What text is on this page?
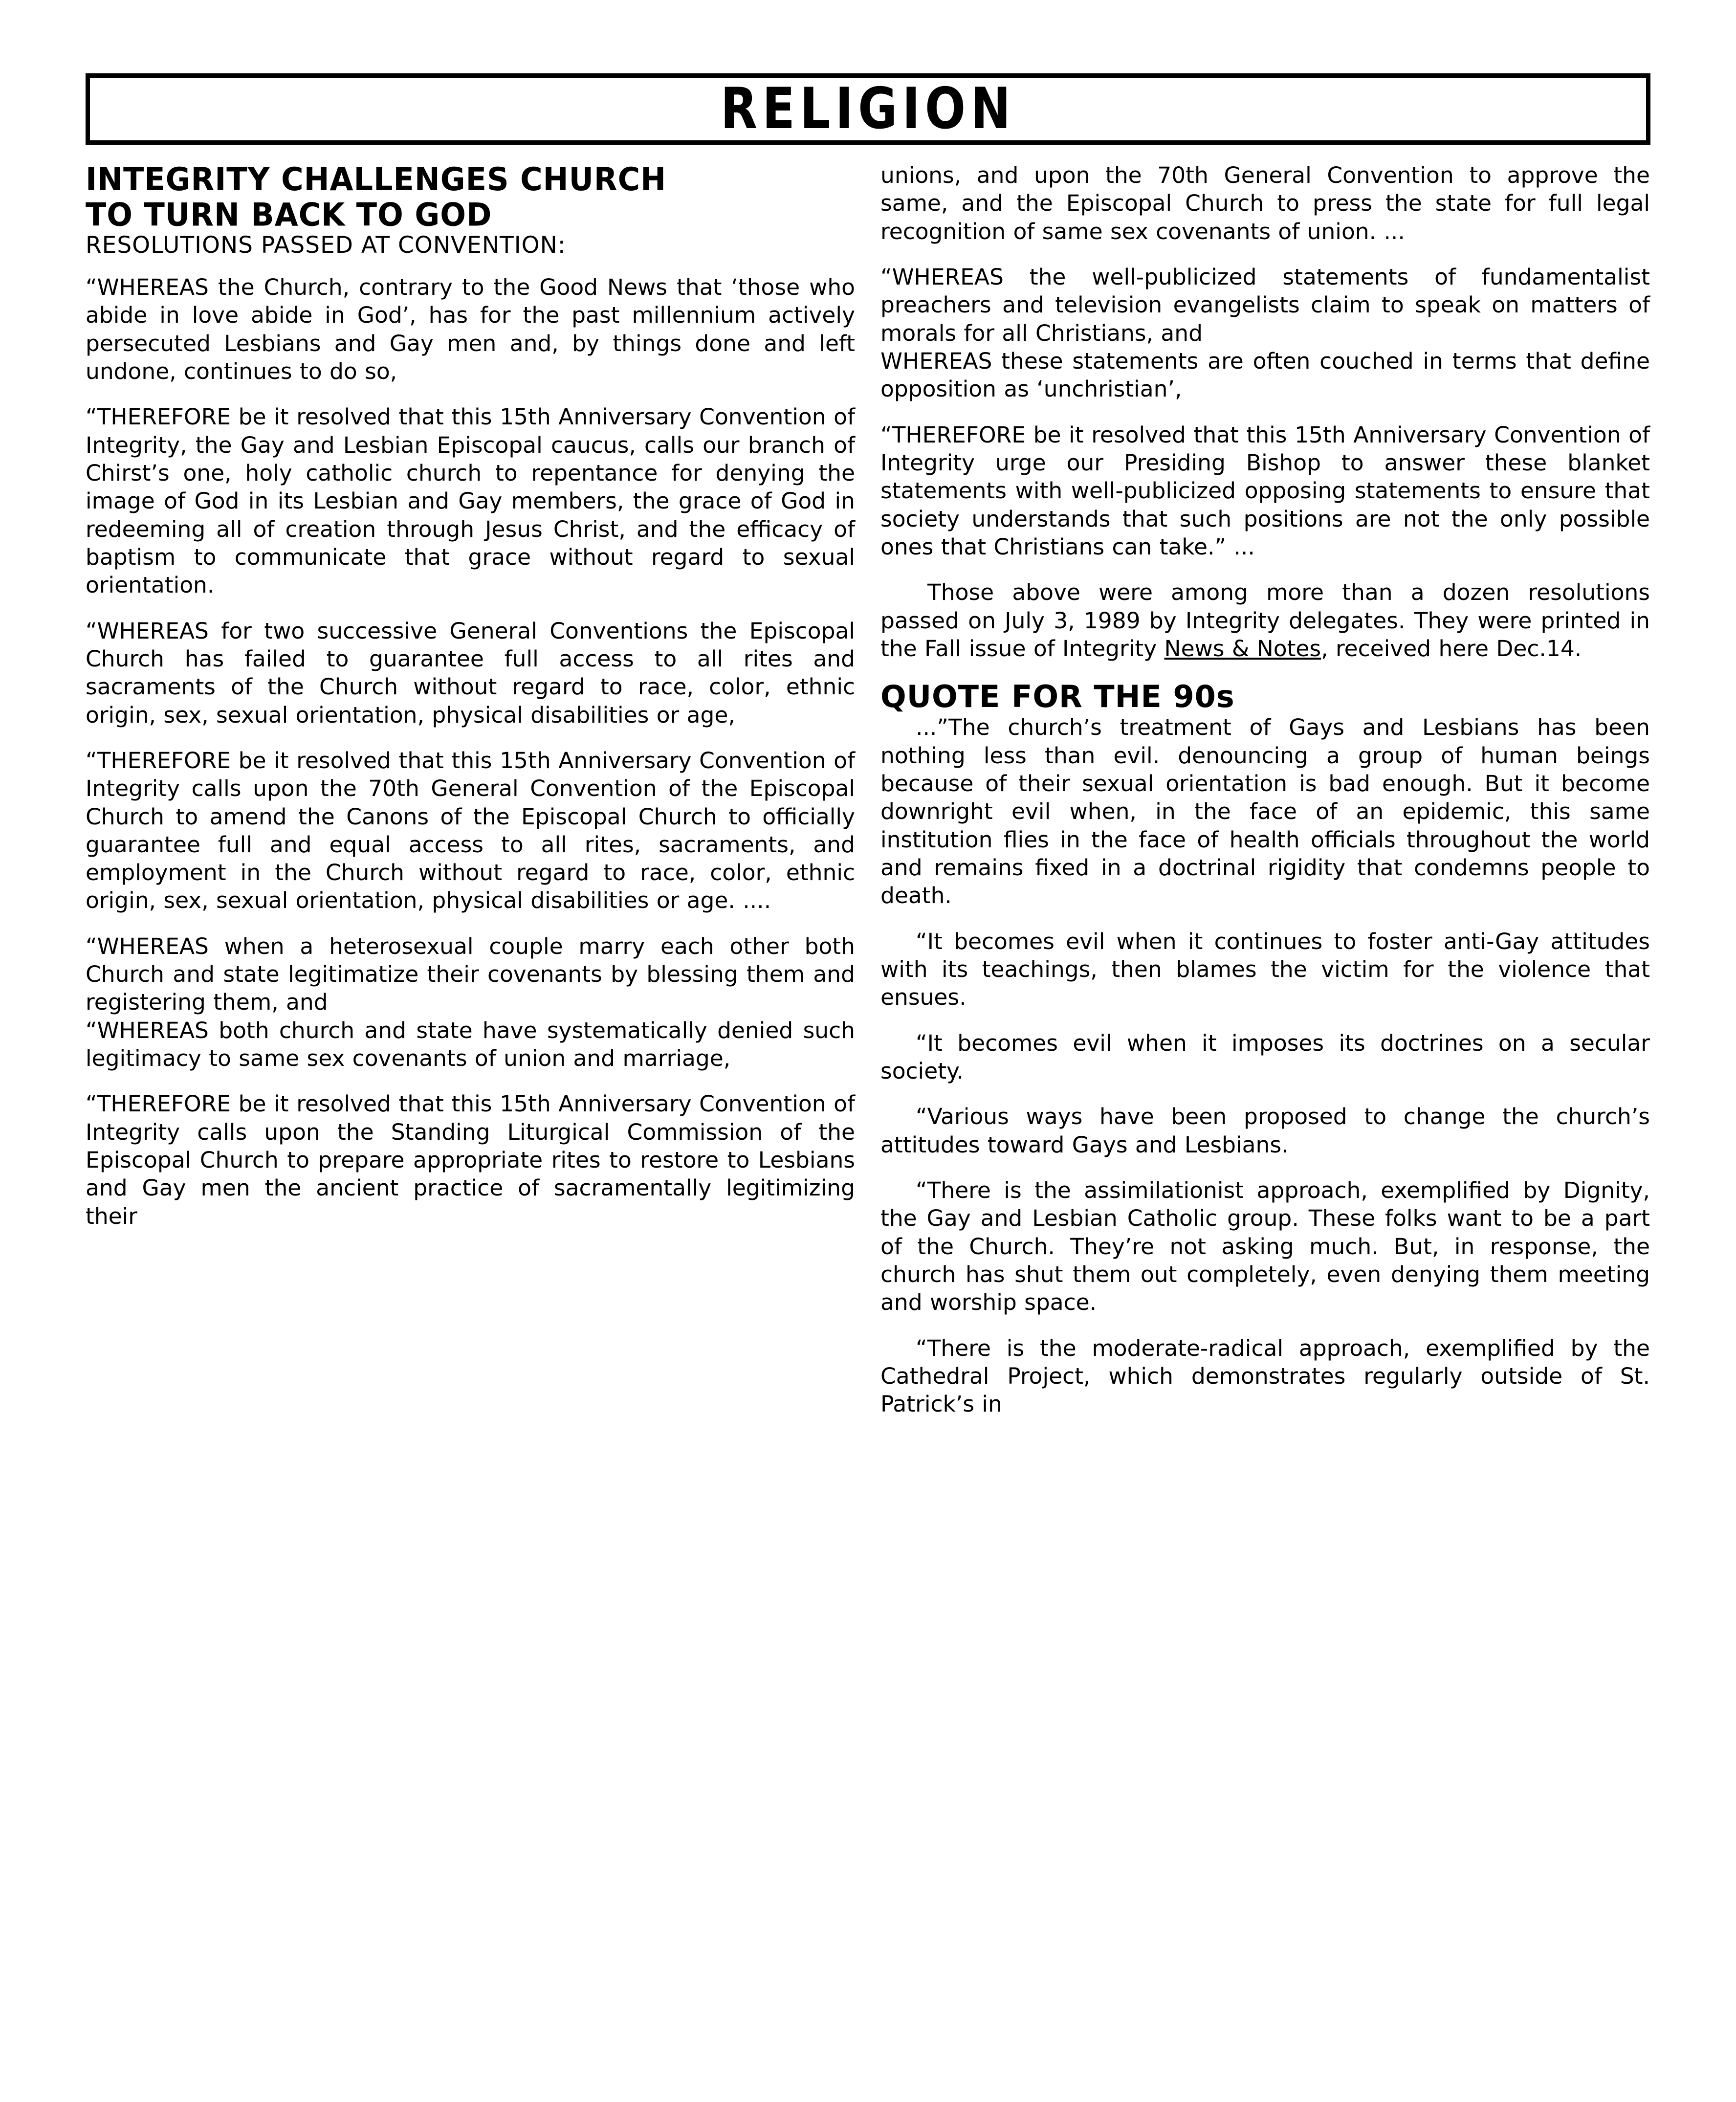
RELIGION
INTEGRITY CHALLENGES CHURCH
TO TURN BACK TO GOD
RESOLUTIONS PASSED AT CONVENTION:

“WHEREAS the Church, contrary to the Good News that ‘those who abide in love abide in God’, has for the past millennium actively persecuted Lesbians and Gay men and, by things done and left undone, continues to do so,

“THEREFORE be it resolved that this 15th Anniversary Convention of Integrity, the Gay and Lesbian Episcopal caucus, calls our branch of Chirst’s one, holy catholic church to repentance for denying the image of God in its Lesbian and Gay members, the grace of God in redeeming all of creation through Jesus Christ, and the efficacy of baptism to communicate that grace without regard to sexual orientation.

“WHEREAS for two successive General Conventions the Episcopal Church has failed to guarantee full access to all rites and sacraments of the Church without regard to race, color, ethnic origin, sex, sexual orientation, physical disabilities or age,

“THEREFORE be it resolved that this 15th Anniversary Convention of Integrity calls upon the 70th General Convention of the Episcopal Church to amend the Canons of the Episcopal Church to officially guarantee full and equal access to all rites, sacraments, and employment in the Church without regard to race, color, ethnic origin, sex, sexual orientation, physical disabilities or age. ....

“WHEREAS when a heterosexual couple marry each other both Church and state legitimatize their covenants by blessing them and registering them, and

“WHEREAS both church and state have systematically denied such legitimacy to same sex covenants of union and marriage,

“THEREFORE be it resolved that this 15th Anniversary Convention of Integrity calls upon the Standing Liturgical Commission of the Episcopal Church to prepare appropriate rites to restore to Lesbians and Gay men the ancient practice of sacramentally legitimizing their

unions, and upon the 70th General Convention to approve the same, and the Episcopal Church to press the state for full legal recognition of same sex covenants of union. ...

“WHEREAS the well-publicized statements of fundamentalist preachers and television evangelists claim to speak on matters of morals for all Christians, and

WHEREAS these statements are often couched in terms that define opposition as ‘unchristian’,

“THEREFORE be it resolved that this 15th Anniversary Convention of Integrity urge our Presiding Bishop to answer these blanket statements with well-publicized opposing statements to ensure that society understands that such positions are not the only possible ones that Christians can take.” ...

Those above were among more than a dozen resolutions passed on July 3, 1989 by Integrity delegates. They were printed in the Fall issue of Integrity News & Notes, received here Dec.14.

QUOTE FOR THE 90s

...”The church’s treatment of Gays and Lesbians has been nothing less than evil. denouncing a group of human beings because of their sexual orientation is bad enough. But it become downright evil when, in the face of an epidemic, this same institution flies in the face of health officials throughout the world and remains fixed in a doctrinal rigidity that condemns people to death.

“It becomes evil when it continues to foster anti-Gay attitudes with its teachings, then blames the victim for the violence that ensues.

“It becomes evil when it imposes its doctrines on a secular society.

“Various ways have been proposed to change the church’s attitudes toward Gays and Lesbians.

“There is the assimilationist approach, exemplified by Dignity, the Gay and Lesbian Catholic group. These folks want to be a part of the Church. They’re not asking much. But, in response, the church has shut them out completely, even denying them meeting and worship space.

“There is the moderate-radical approach, exemplified by the Cathedral Project, which demonstrates regularly outside of St. Patrick’s in
